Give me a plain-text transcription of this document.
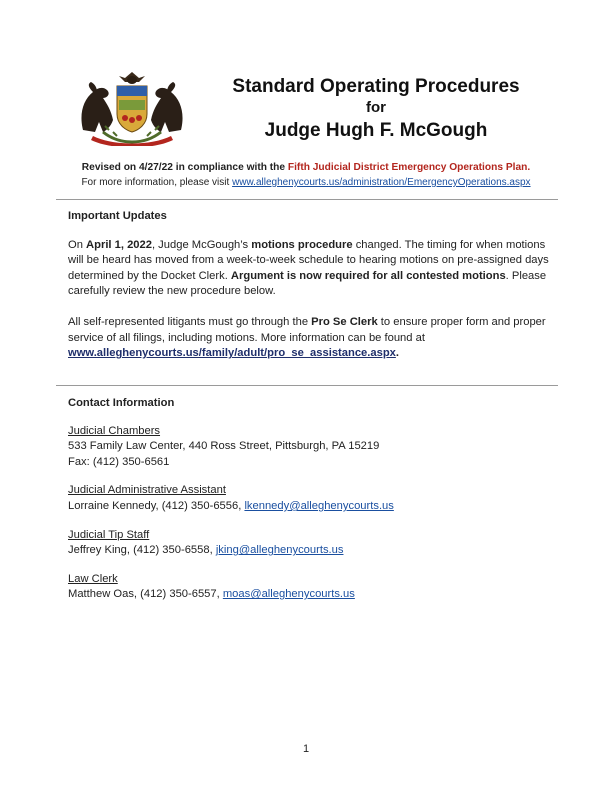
Standard Operating Procedures
for
Judge Hugh F. McGough
Revised on 4/27/22 in compliance with the Fifth Judicial District Emergency Operations Plan.
For more information, please visit www.alleghenycourts.us/administration/EmergencyOperations.aspx
Important Updates
On April 1, 2022, Judge McGough’s motions procedure changed. The timing for when motions will be heard has moved from a week-to-week schedule to hearing motions on pre-assigned days determined by the Docket Clerk. Argument is now required for all contested motions. Please carefully review the new procedure below.
All self-represented litigants must go through the Pro Se Clerk to ensure proper form and proper service of all filings, including motions. More information can be found at www.alleghenycourts.us/family/adult/pro_se_assistance.aspx.
Contact Information
Judicial Chambers
533 Family Law Center, 440 Ross Street, Pittsburgh, PA 15219
Fax: (412) 350-6561
Judicial Administrative Assistant
Lorraine Kennedy, (412) 350-6556, lkennedy@alleghenycourts.us
Judicial Tip Staff
Jeffrey King, (412) 350-6558, jking@alleghenycourts.us
Law Clerk
Matthew Oas, (412) 350-6557, moas@alleghenycourts.us
1
